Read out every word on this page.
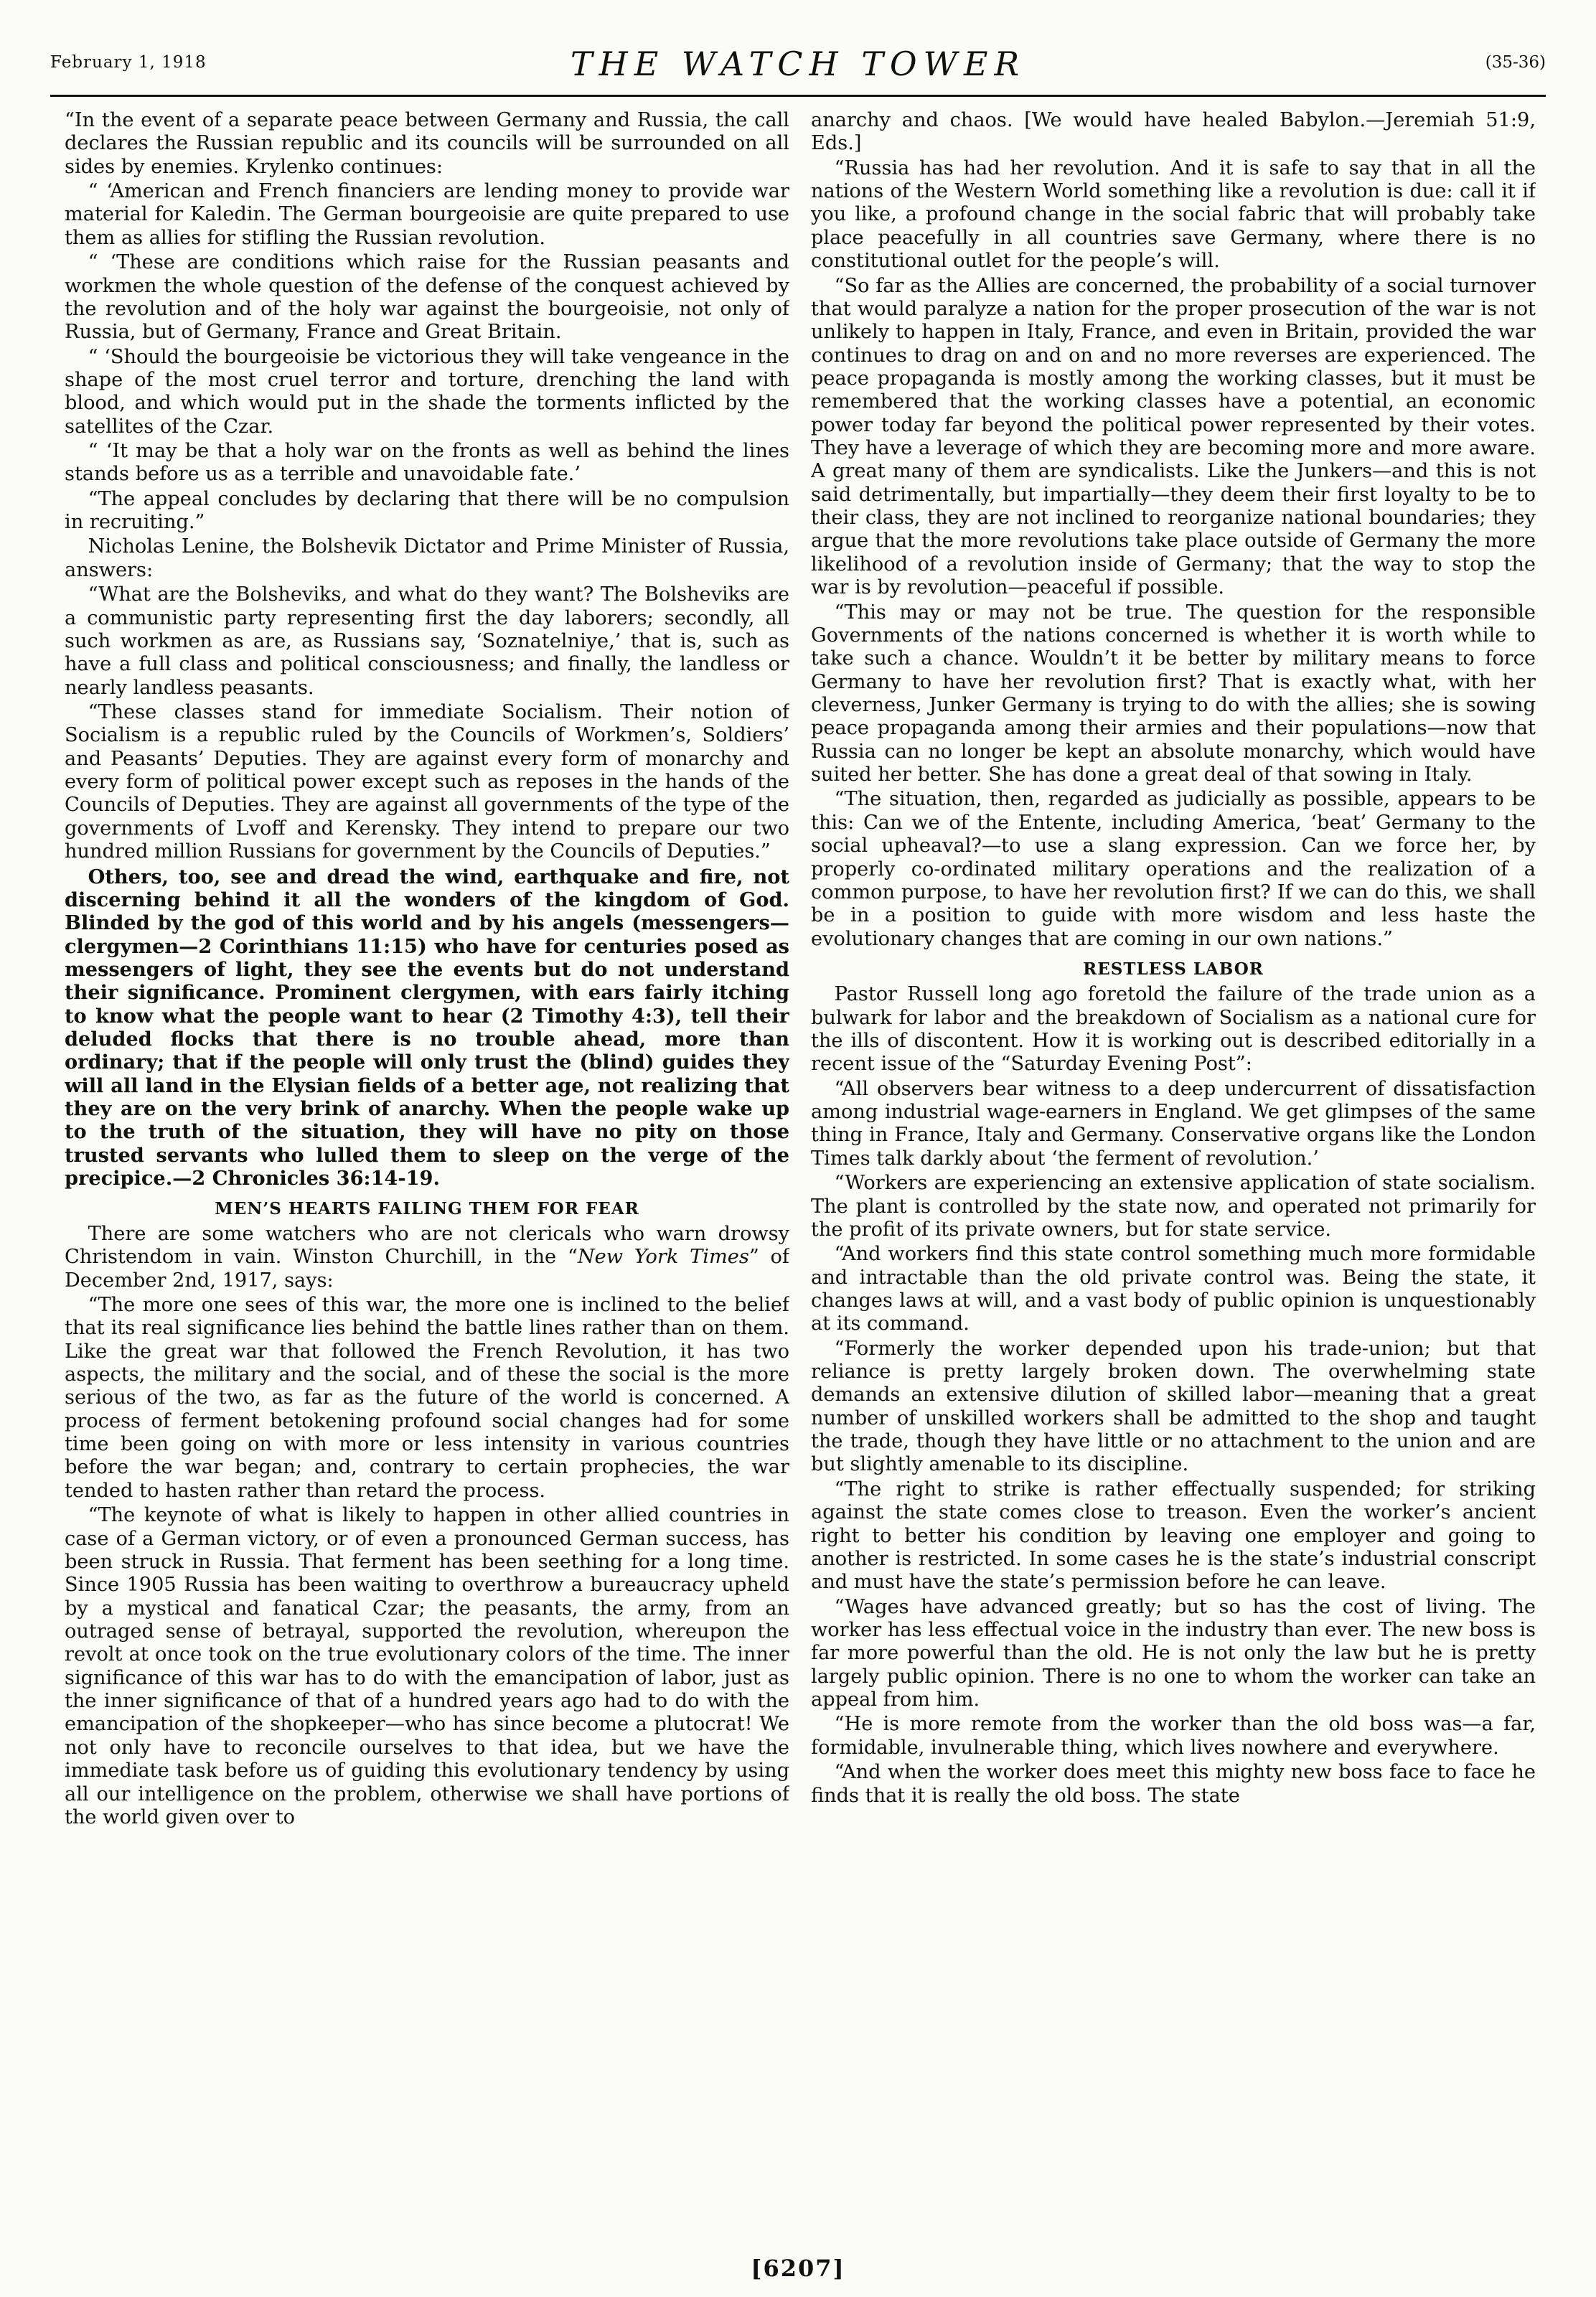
February 1, 1918	THE WATCH TOWER	(35-36)

“In the event of a separate peace between Germany and Russia, the call declares the Russian republic and its councils will be surrounded on all sides by enemies. Krylenko continues:

“ ‘American and French financiers are lending money to provide war material for Kaledin. The German bourgeoisie are quite prepared to use them as allies for stifling the Russian revolution.

“ ‘These are conditions which raise for the Russian peasants and workmen the whole question of the defense of the conquest achieved by the revolution and of the holy war against the bourgeoisie, not only of Russia, but of Germany, France and Great Britain.

“ ‘Should the bourgeoisie be victorious they will take vengeance in the shape of the most cruel terror and torture, drenching the land with blood, and which would put in the shade the torments inflicted by the satellites of the Czar.

“ ‘It may be that a holy war on the fronts as well as behind the lines stands before us as a terrible and unavoidable fate.’

“The appeal concludes by declaring that there will be no compulsion in recruiting.”

Nicholas Lenine, the Bolshevik Dictator and Prime Minister of Russia, answers:

“What are the Bolsheviks, and what do they want? The Bolsheviks are a communistic party representing first the day laborers; secondly, all such workmen as are, as Russians say, ‘Soznatelniye,’ that is, such as have a full class and political consciousness; and finally, the landless or nearly landless peasants.

“These classes stand for immediate Socialism. Their notion of Socialism is a republic ruled by the Councils of Workmen’s, Soldiers’ and Peasants’ Deputies. They are against every form of monarchy and every form of political power except such as reposes in the hands of the Councils of Deputies. They are against all governments of the type of the governments of Lvoff and Kerensky. They intend to prepare our two hundred million Russians for government by the Councils of Deputies.”

Others, too, see and dread the wind, earthquake and fire, not discerning behind it all the wonders of the kingdom of God. Blinded by the god of this world and by his angels (messengers—clergymen—2 Corinthians 11:15) who have for centuries posed as messengers of light, they see the events but do not understand their significance. Prominent clergymen, with ears fairly itching to know what the people want to hear (2 Timothy 4:3), tell their deluded flocks that there is no trouble ahead, more than ordinary; that if the people will only trust the (blind) guides they will all land in the Elysian fields of a better age, not realizing that they are on the very brink of anarchy. When the people wake up to the truth of the situation, they will have no pity on those trusted servants who lulled them to sleep on the verge of the precipice.—2 Chronicles 36:14-19.

MEN’S HEARTS FAILING THEM FOR FEAR

There are some watchers who are not clericals who warn drowsy Christendom in vain. Winston Churchill, in the “New York Times” of December 2nd, 1917, says:

“The more one sees of this war, the more one is inclined to the belief that its real significance lies behind the battle lines rather than on them. Like the great war that followed the French Revolution, it has two aspects, the military and the social, and of these the social is the more serious of the two, as far as the future of the world is concerned. A process of ferment betokening profound social changes had for some time been going on with more or less intensity in various countries before the war began; and, contrary to certain prophecies, the war tended to hasten rather than retard the process.

“The keynote of what is likely to happen in other allied countries in case of a German victory, or of even a pronounced German success, has been struck in Russia. That ferment has been seething for a long time. Since 1905 Russia has been waiting to overthrow a bureaucracy upheld by a mystical and fanatical Czar; the peasants, the army, from an outraged sense of betrayal, supported the revolution, whereupon the revolt at once took on the true evolutionary colors of the time. The inner significance of this war has to do with the emancipation of labor, just as the inner significance of that of a hundred years ago had to do with the emancipation of the shopkeeper—who has since become a plutocrat! We not only have to reconcile ourselves to that idea, but we have the immediate task before us of guiding this evolutionary tendency by using all our intelligence on the problem, otherwise we shall have portions of the world given over to

anarchy and chaos. [We would have healed Babylon.—Jeremiah 51:9, Eds.]

“Russia has had her revolution. And it is safe to say that in all the nations of the Western World something like a revolution is due: call it if you like, a profound change in the social fabric that will probably take place peacefully in all countries save Germany, where there is no constitutional outlet for the people’s will.

“So far as the Allies are concerned, the probability of a social turnover that would paralyze a nation for the proper prosecution of the war is not unlikely to happen in Italy, France, and even in Britain, provided the war continues to drag on and on and no more reverses are experienced. The peace propaganda is mostly among the working classes, but it must be remembered that the working classes have a potential, an economic power today far beyond the political power represented by their votes. They have a leverage of which they are becoming more and more aware. A great many of them are syndicalists. Like the Junkers—and this is not said detrimentally, but impartially—they deem their first loyalty to be to their class, they are not inclined to reorganize national boundaries; they argue that the more revolutions take place outside of Germany the more likelihood of a revolution inside of Germany; that the way to stop the war is by revolution—peaceful if possible.

“This may or may not be true. The question for the responsible Governments of the nations concerned is whether it is worth while to take such a chance. Wouldn’t it be better by military means to force Germany to have her revolution first? That is exactly what, with her cleverness, Junker Germany is trying to do with the allies; she is sowing peace propaganda among their armies and their populations—now that Russia can no longer be kept an absolute monarchy, which would have suited her better. She has done a great deal of that sowing in Italy.

“The situation, then, regarded as judicially as possible, appears to be this: Can we of the Entente, including America, ‘beat’ Germany to the social upheaval?—to use a slang expression. Can we force her, by properly co-ordinated military operations and the realization of a common purpose, to have her revolution first? If we can do this, we shall be in a position to guide with more wisdom and less haste the evolutionary changes that are coming in our own nations.”

RESTLESS LABOR

Pastor Russell long ago foretold the failure of the trade union as a bulwark for labor and the breakdown of Socialism as a national cure for the ills of discontent. How it is working out is described editorially in a recent issue of the “Saturday Evening Post”:

“All observers bear witness to a deep undercurrent of dissatisfaction among industrial wage-earners in England. We get glimpses of the same thing in France, Italy and Germany. Conservative organs like the London Times talk darkly about ‘the ferment of revolution.’

“Workers are experiencing an extensive application of state socialism. The plant is controlled by the state now, and operated not primarily for the profit of its private owners, but for state service.

“And workers find this state control something much more formidable and intractable than the old private control was. Being the state, it changes laws at will, and a vast body of public opinion is unquestionably at its command.

“Formerly the worker depended upon his trade-union; but that reliance is pretty largely broken down. The overwhelming state demands an extensive dilution of skilled labor—meaning that a great number of unskilled workers shall be admitted to the shop and taught the trade, though they have little or no attachment to the union and are but slightly amenable to its discipline.

“The right to strike is rather effectually suspended; for striking against the state comes close to treason. Even the worker’s ancient right to better his condition by leaving one employer and going to another is restricted. In some cases he is the state’s industrial conscript and must have the state’s permission before he can leave.

“Wages have advanced greatly; but so has the cost of living. The worker has less effectual voice in the industry than ever. The new boss is far more powerful than the old. He is not only the law but he is pretty largely public opinion. There is no one to whom the worker can take an appeal from him.

“He is more remote from the worker than the old boss was—a far, formidable, invulnerable thing, which lives nowhere and everywhere.

“And when the worker does meet this mighty new boss face to face he finds that it is really the old boss. The state

[6207]
